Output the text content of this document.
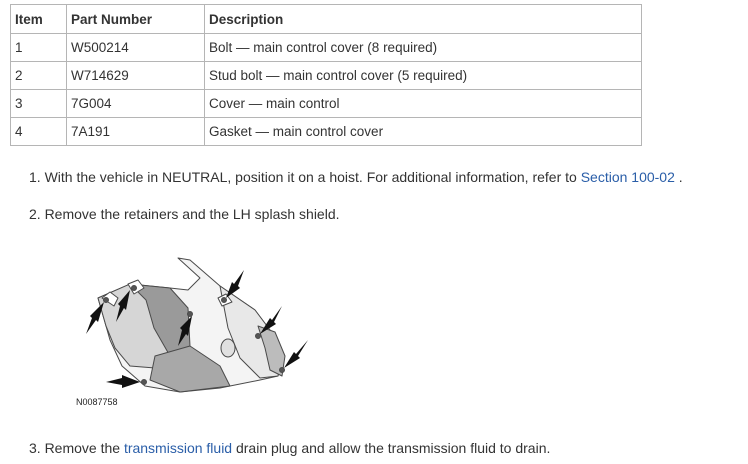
Item	Part Number	Description
1	W500214	Bolt — main control cover (8 required)
2	W714629	Stud bolt — main control cover (5 required)
3	7G004	Cover — main control
4	7A191	Gasket — main control cover
1. With the vehicle in NEUTRAL, position it on a hoist. For additional information, refer to Section 100-02 .
2. Remove the retainers and the LH splash shield.
N0087758
3. Remove the transmission fluid drain plug and allow the transmission fluid to drain.
